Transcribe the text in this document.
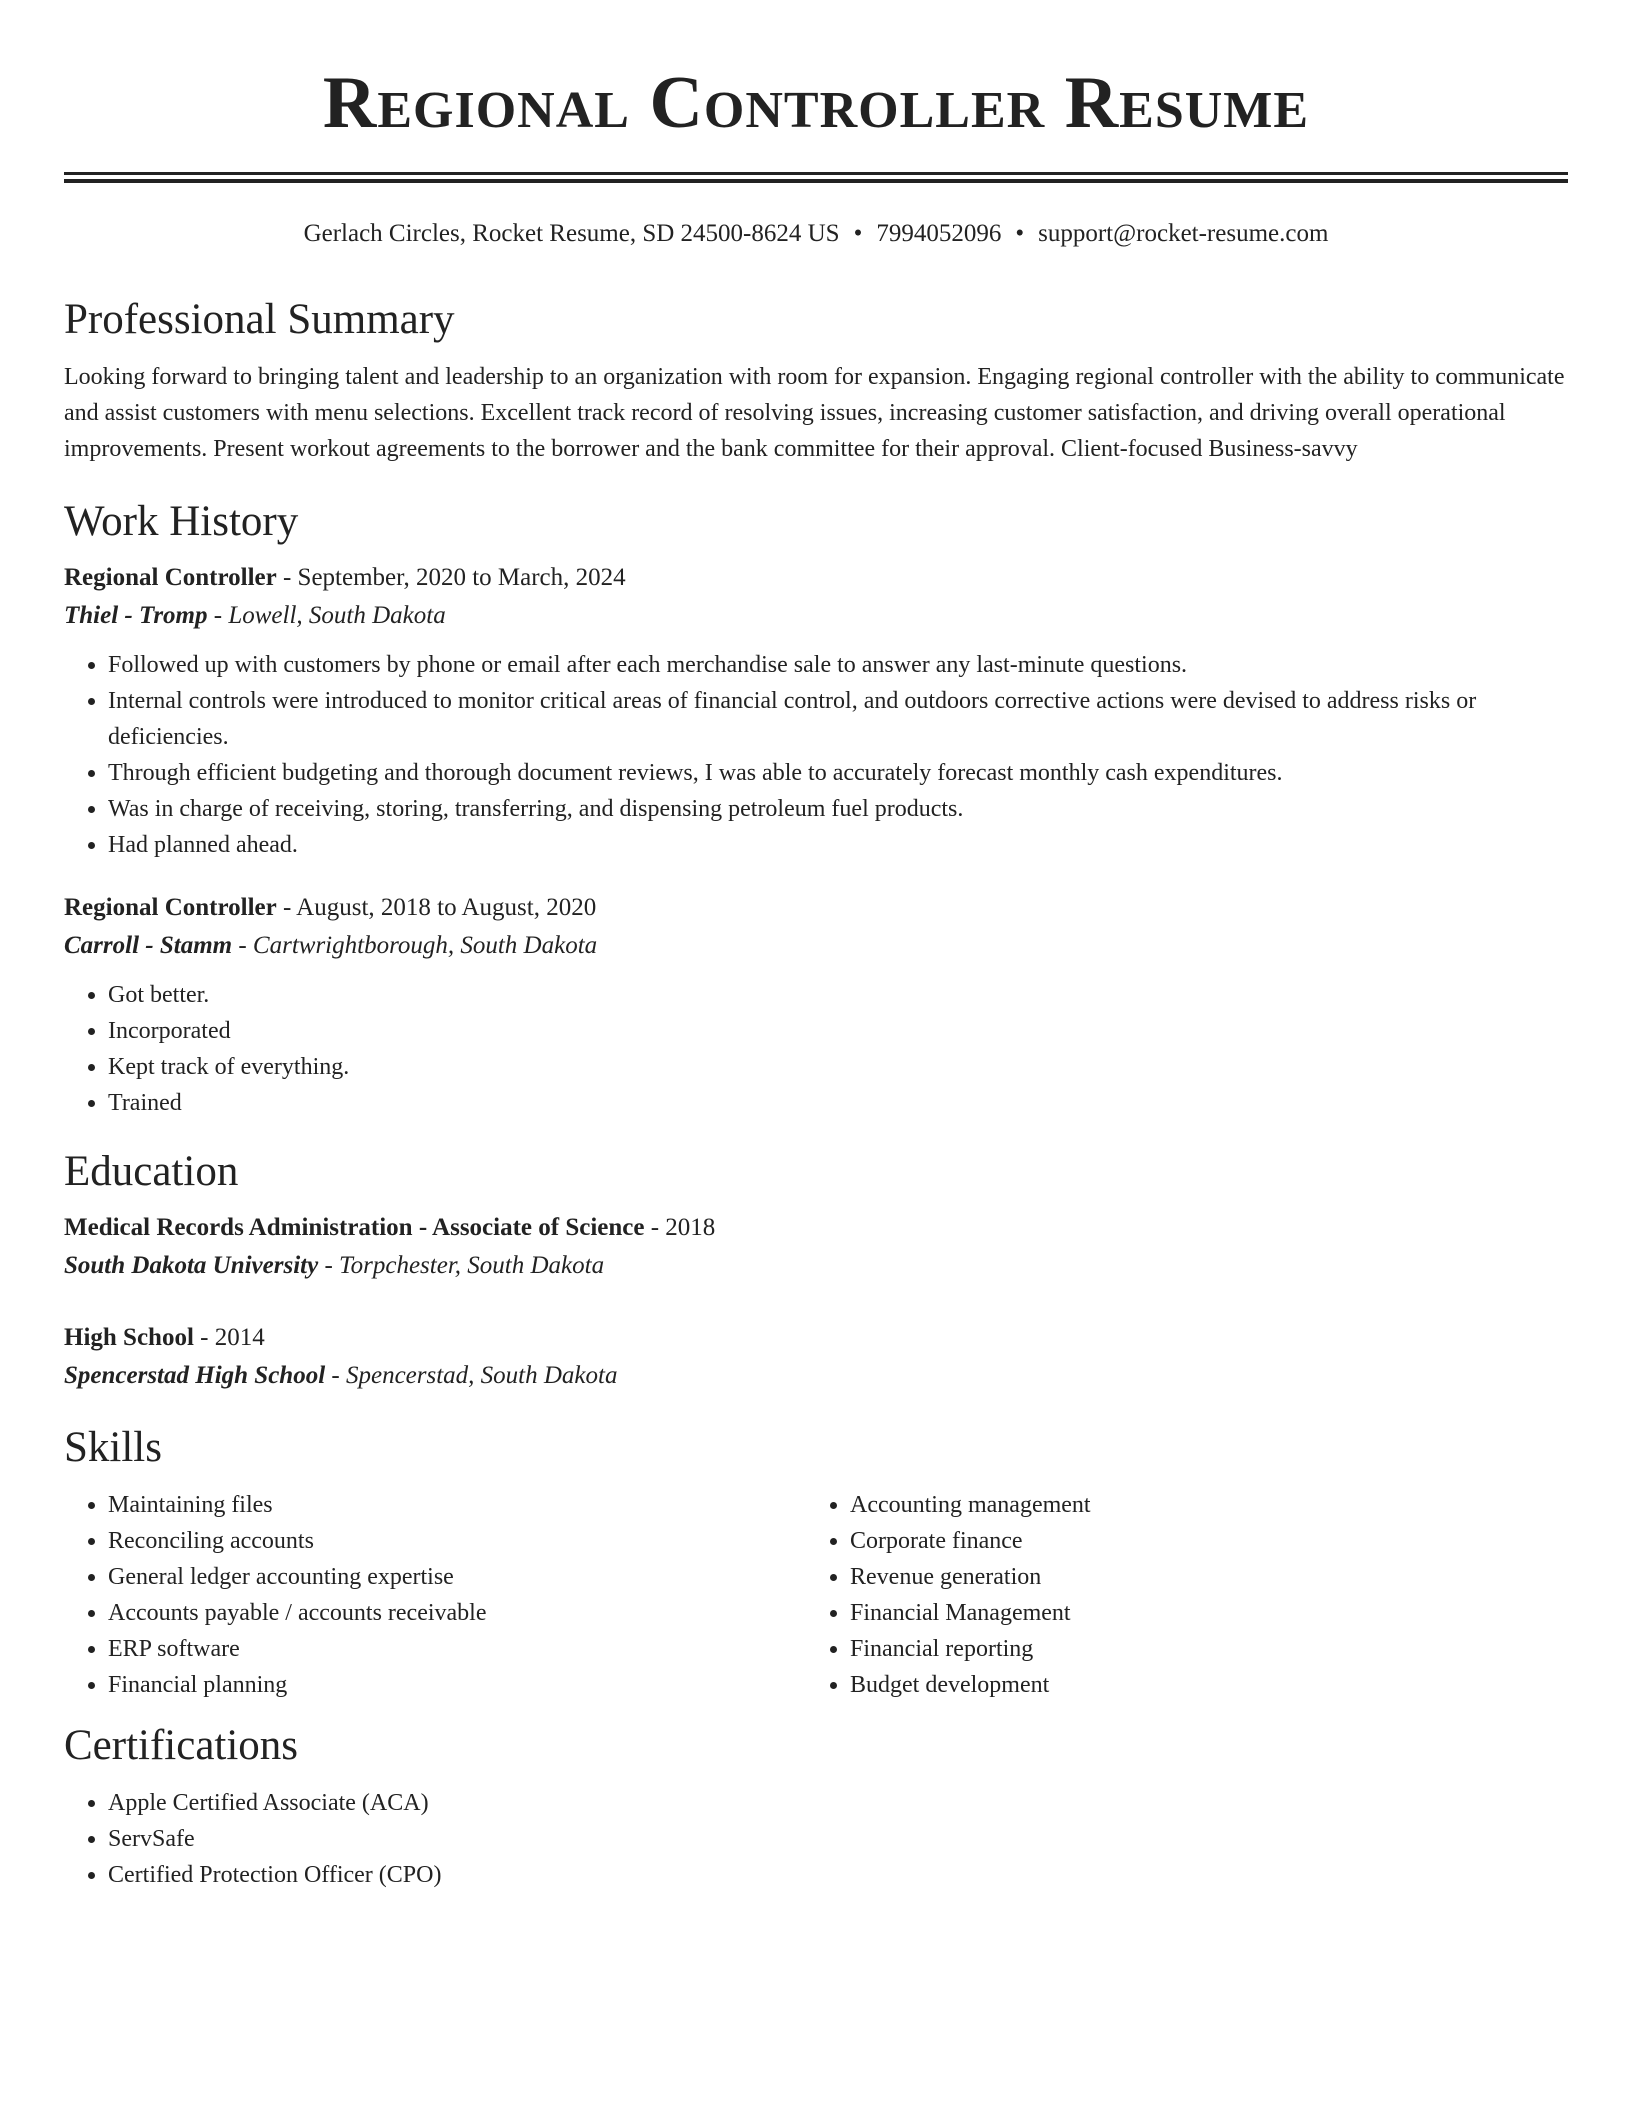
Regional Controller Resume
Gerlach Circles, Rocket Resume, SD 24500-8624 US • 7994052096 • support@rocket-resume.com
Professional Summary

Looking forward to bringing talent and leadership to an organization with room for expansion. Engaging regional controller with the ability to communicate and assist customers with menu selections. Excellent track record of resolving issues, increasing customer satisfaction, and driving overall operational improvements. Present workout agreements to the borrower and the bank committee for their approval. Client-focused Business-savvy

Work History
Regional Controller - September, 2020 to March, 2024
Thiel - Tromp - Lowell, South Dakota
• Followed up with customers by phone or email after each merchandise sale to answer any last-minute questions.
• Internal controls were introduced to monitor critical areas of financial control, and outdoors corrective actions were devised to address risks or deficiencies.
• Through efficient budgeting and thorough document reviews, I was able to accurately forecast monthly cash expenditures.
• Was in charge of receiving, storing, transferring, and dispensing petroleum fuel products.
• Had planned ahead.
Regional Controller - August, 2018 to August, 2020
Carroll - Stamm - Cartwrightborough, South Dakota
• Got better.
• Incorporated
• Kept track of everything.
• Trained
Education
Medical Records Administration - Associate of Science - 2018
South Dakota University - Torpchester, South Dakota
High School - 2014
Spencerstad High School - Spencerstad, South Dakota
Skills
• Maintaining files
• Reconciling accounts
• General ledger accounting expertise
• Accounts payable / accounts receivable
• ERP software
• Financial planning
• Accounting management
• Corporate finance
• Revenue generation
• Financial Management
• Financial reporting
• Budget development
Certifications
• Apple Certified Associate (ACA)
• ServSafe
• Certified Protection Officer (CPO)
